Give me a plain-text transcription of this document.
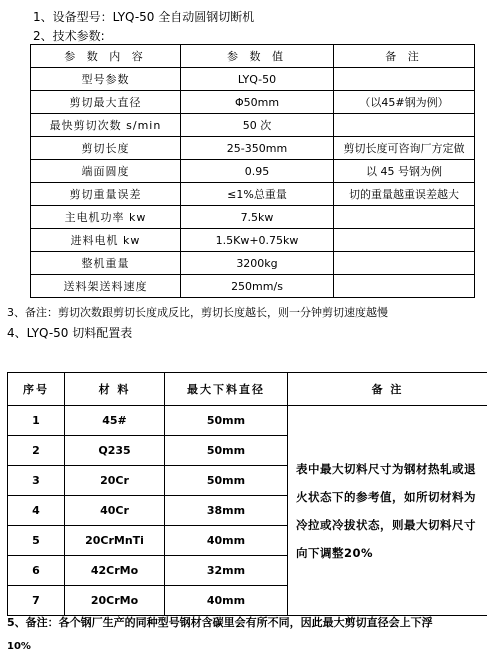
1、设备型号：LYQ-50 全自动圆钢切断机
2、技术参数:
参 数 内 容	参 数 值	备 注
型号参数	LYQ-50	
剪切最大直径	Φ50mm	（以45#钢为例）
最快剪切次数 s/min	50 次	
剪切长度	25-350mm	剪切长度可咨询厂方定做
端面圆度	0.95	以 45 号钢为例
剪切重量误差	≤1%总重量	切的重量越重误差越大
主电机功率 kw	7.5kw	
进料电机 kw	1.5Kw+0.75kw	
整机重量	3200kg	
送料架送料速度	250mm/s	
3、备注：剪切次数跟剪切长度成反比，剪切长度越长，则一分钟剪切速度越慢
4、LYQ-50 切料配置表
序号	材 料	最大下料直径	备 注
1	45#	50mm	表中最大切料尺寸为钢材热轧或退火状态下的参考值，如所切材料为冷拉或冷拔状态，则最大切料尺寸向下调整20%
2	Q235	50mm	
3	20Cr	50mm	
4	40Cr	38mm	
5	20CrMnTi	40mm	
6	42CrMo	32mm	
7	20CrMo	40mm	
5、备注：各个钢厂生产的同种型号钢材含碳里会有所不同，因此最大剪切直径会上下浮
10%
